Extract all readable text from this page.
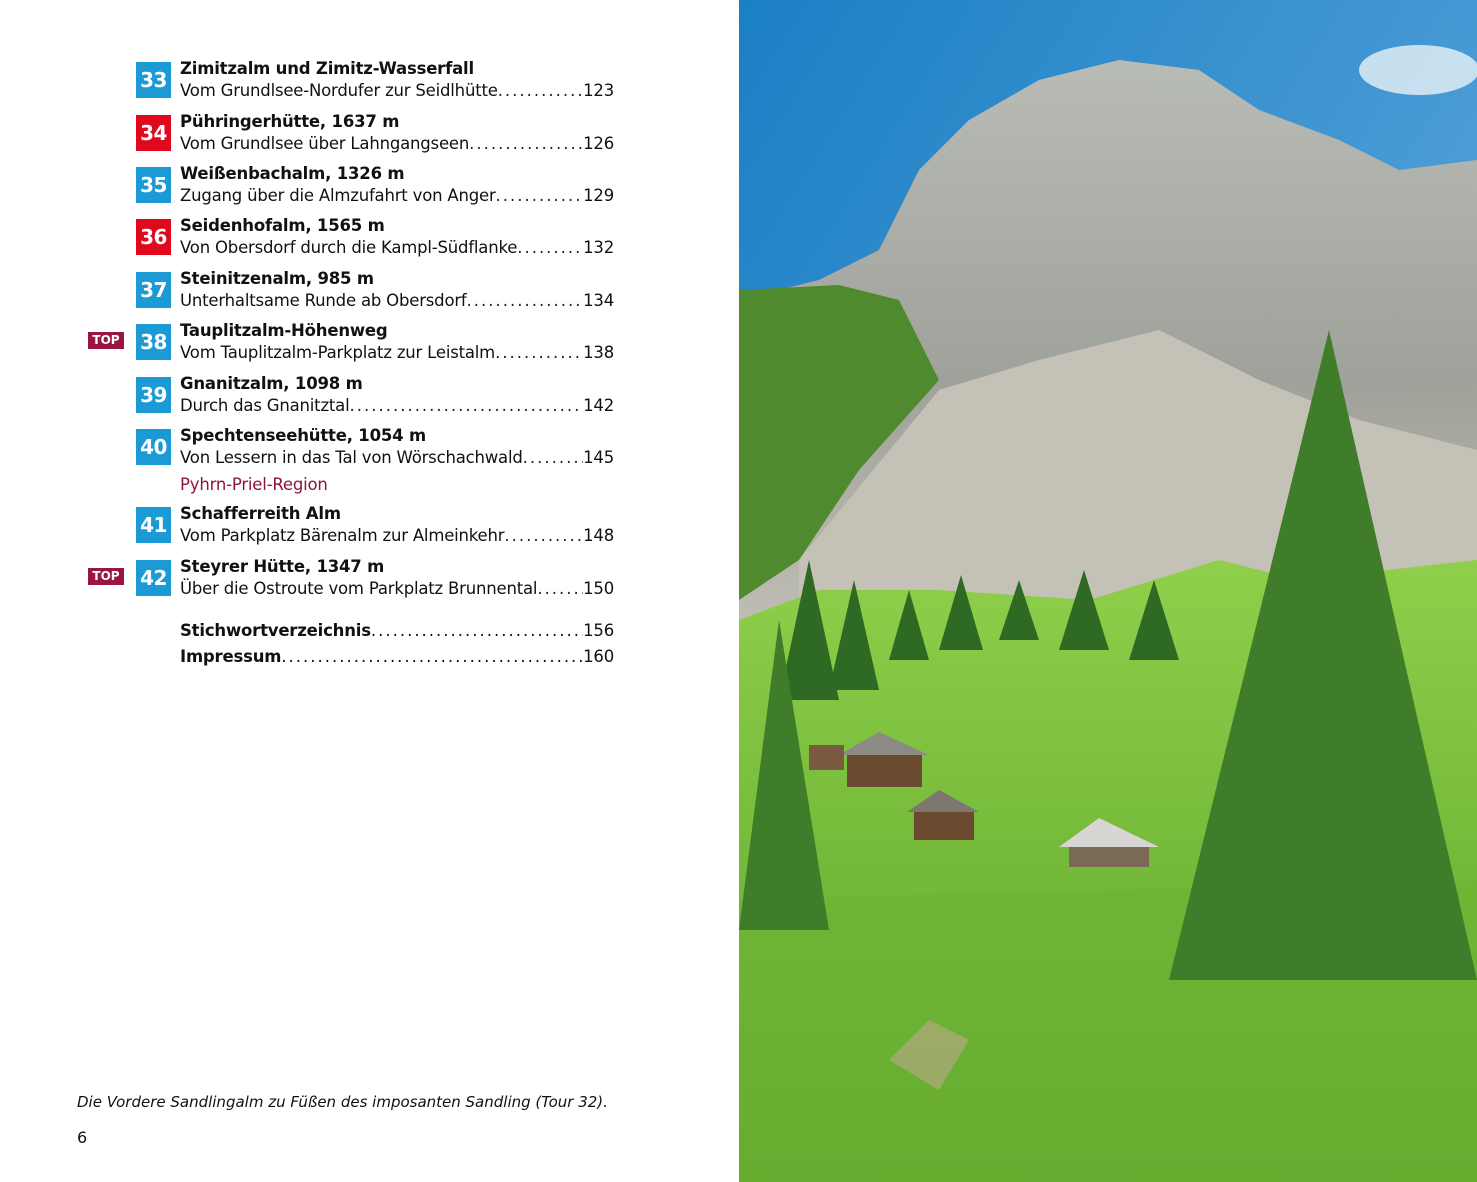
33 Zimitzalm und Zimitz-Wasserfall
Vom Grundlsee-Nordufer zur Seidlhütte .....	123
34 Pühringerhütte, 1637 m
Vom Grundlsee über Lahngangseen .....	126
35 Weißenbachalm, 1326 m
Zugang über die Almzufahrt von Anger .....	129
36 Seidenhofalm, 1565 m
Von Obersdorf durch die Kampl-Südflanke .....	132
37 Steinitzenalm, 985 m
Unterhaltsame Runde ab Obersdorf .....	134
TOP 38 Tauplitzalm-Höhenweg
Vom Tauplitzalm-Parkplatz zur Leistalm .....	138
39 Gnanitzalm, 1098 m
Durch das Gnanitztal .....	142
40 Spechtenseehütte, 1054 m
Von Lessern in das Tal von Wörschachwald .....	145
Pyhrn-Priel-Region
41 Schafferreith Alm
Vom Parkplatz Bärenalm zur Almeinkehr .....	148
TOP 42 Steyrer Hütte, 1347 m
Über die Ostroute vom Parkplatz Brunnental .....	150
Stichwortverzeichnis .....	156
Impressum .....	160
Die Vordere Sandlingalm zu Füßen des imposanten Sandling (Tour 32).
6
